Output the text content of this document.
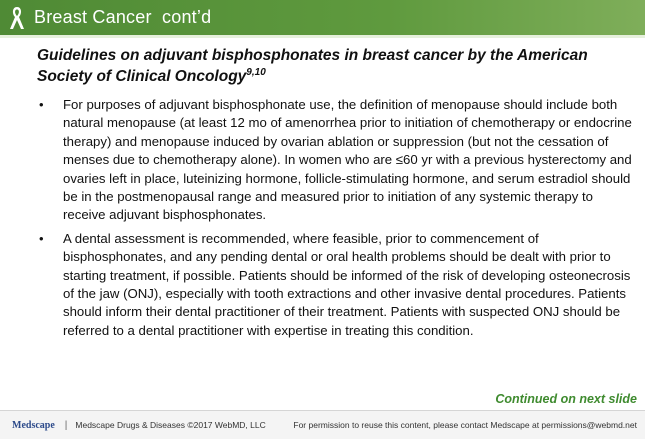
Breast Cancer  cont’d
Guidelines on adjuvant bisphosphonates in breast cancer by the American Society of Clinical Oncology$^{9,10}$
• For purposes of adjuvant bisphosphonate use, the definition of menopause should include both natural menopause (at least 12 mo of amenorrhea prior to initiation of chemotherapy or endocrine therapy) and menopause induced by ovarian ablation or suppression (but not the cessation of menses due to chemotherapy alone). In women who are ≤60 yr with a previous hysterectomy and ovaries left in place, luteinizing hormone, follicle-stimulating hormone, and serum estradiol should be in the postmenopausal range and measured prior to initiation of any systemic therapy to receive adjuvant bisphosphonates.
• A dental assessment is recommended, where feasible, prior to commencement of bisphosphonates, and any pending dental or oral health problems should be dealt with prior to starting treatment, if possible. Patients should be informed of the risk of developing osteonecrosis of the jaw (ONJ), especially with tooth extractions and other invasive dental procedures. Patients should inform their dental practitioner of their treatment. Patients with suspected ONJ should be referred to a dental practitioner with expertise in treating this condition.
Continued on next slide
Medscape | Medscape Drugs & Diseases ©2017 WebMD, LLC	For permission to reuse this content, please contact Medscape at permissions@webmd.net
